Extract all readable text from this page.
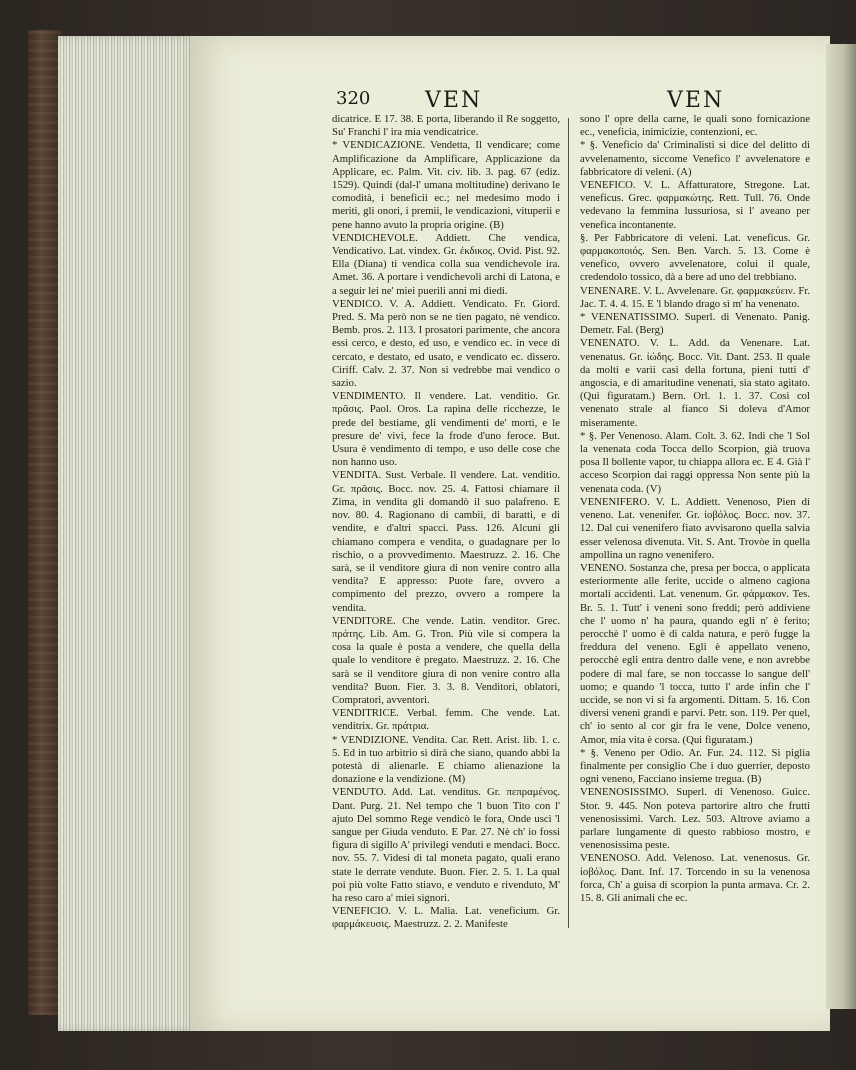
320 VEN	VEN

dicatrice. E 17. 38. E porta, liberando il Re soggetto, Su' Franchi l' ira mia vendicatrice.

* VENDICAZIONE. Vendetta, Il vendicare; come Amplificazione da Amplificare, Applicazione da Applicare, ec. Palm. Vit. civ. lib. 3. pag. 67 (ediz. 1529). Quindi (dal-l' umana moltitudine) derivano le comodità, i beneficii ec.; nel medesimo modo i meriti, gli onori, i premii, le vendicazioni, vituperii e pene hanno avuto la propria origine. (B)

VENDICHEVOLE. Addiett. Che vendica, Vendicativo. Lat. vindex. Gr. ἐκδικος. Ovid. Pist. 92. Ella (Diana) ti vendica colla sua vendichevole ira. Amet. 36. A portare i vendichevoli archi di Latona, e a seguir lei ne' miei puerili anni mi diedi.

VENDICO. V. A. Addiett. Vendicato. Fr. Giord. Pred. S. Ma però non se ne tien pagato, nè vendico. Bemb. pros. 2. 113. I prosatori parimente, che ancora essi cerco, e desto, ed uso, e vendico ec. in vece di cercato, e destato, ed usato, e vendicato ec. dissero. Ciriff. Calv. 2. 37. Non si vedrebbe mai vendico o sazio.

VENDIMENTO. Il vendere. Lat. venditio. Gr. πρᾶσις. Paol. Oros. La rapina delle ricchezze, le prede del bestiame, gli vendimenti de' morti, e le presure de' vivi, fece la frode d'uno feroce. But. Usura è vendimento di tempo, e uso delle cose che non hanno uso.

VENDITA. Sust. Verbale. Il vendere. Lat. venditio. Gr. πρᾶσις. Bocc. nov. 25. 4. Fattosi chiamare il Zima, in vendita gli domandò il suo palafreno. E nov. 80. 4. Ragionano di cambii, di baratti, e di vendite, e d'altri spacci. Pass. 126. Alcuni gli chiamano compera e vendita, o guadagnare per lo rischio, o a provvedimento. Maestruzz. 2. 16. Che sarà, se il venditore giura di non venire contro alla vendita? E appresso: Puote fare, ovvero a compimento del prezzo, ovvero a rompere la vendita.

VENDITORE. Che vende. Latin. venditor. Grec. πράτης. Lib. Am. G. Tron. Più vile si compera la cosa la quale è posta a vendere, che quella della quale lo venditore è pregato. Maestruzz. 2. 16. Che sarà se il venditore giura di non venire contro alla vendita? Buon. Fier. 3. 3. 8. Venditori, oblatori, Compratori, avventori.

VENDITRICE. Verbal. femm. Che vende. Lat. venditrix. Gr. πράτρια.

* VENDIZIONE. Vendita. Car. Rett. Arist. lib. 1. c. 5. Ed in tuo arbitrio si dirà che siano, quando abbi la potestà di alienarle. E chiamo alienazione la donazione e la vendizione. (M)

VENDUTO. Add. Lat. venditus. Gr. πεπραμένος. Dant. Purg. 21. Nel tempo che 'l buon Tito con l' ajuto Del sommo Rege vendicò le fora, Onde uscì 'l sangue per Giuda venduto. E Par. 27. Nè ch' io fossi figura di sigillo A' privilegi venduti e mendaci. Bocc. nov. 55. 7. Videsi di tal moneta pagato, quali erano state le derrate vendute. Buon. Fier. 2. 5. 1. La qual poi più volte Fatto stiavo, e venduto e rivenduto, M' ha reso caro a' miei signori.

VENEFICIO. V. L. Malia. Lat. veneficium. Gr. φαρμάκευσις. Maestruzz. 2. 2. Manifeste

sono l' opre della carne, le quali sono fornicazione ec., veneficia, inimicizie, contenzioni, ec.

* §. Veneficio da' Criminalisti si dice del delitto di avvelenamento, siccome Venefico l' avvelenatore e fabbricatore di veleni. (A)

VENEFICO. V. L. Affatturatore, Stregone. Lat. veneficus. Grec. φαρμακώτης. Rett. Tull. 76. Onde vedevano la femmina lussuriosa, si l' aveano per venefica incontanente.

§. Per Fabbricatore di veleni. Lat. veneficus. Gr. φαρμακοποιός. Sen. Ben. Varch. 5. 13. Come è venefico, ovvero avvelenatore, colui il quale, credendolo tossico, dà a bere ad uno del trebbiano.

VENENARE. V. L. Avvelenare. Gr. φαρμακεύειν. Fr. Jac. T. 4. 4. 15. E 'l blando drago sì m' ha venenato.

* VENENATISSIMO. Superl. di Venenato. Panig. Demetr. Fal. (Berg)

VENENATO. V. L. Add. da Venenare. Lat. venenatus. Gr. ἰώδης. Bocc. Vit. Dant. 253. Il quale da molti e varii casi della fortuna, pieni tutti d' angoscia, e di amaritudine venenati, sia stato agitato. (Qui figuratam.) Bern. Orl. 1. 1. 37. Così col venenato strale al fianco Si doleva d'Amor miseramente.

* §. Per Venenoso. Alam. Colt. 3. 62. Indi che 'l Sol la venenata coda Tocca dello Scorpion, già truova posa Il bollente vapor, tu chiappa allora ec. E 4. Già l' acceso Scorpion dai raggi oppressa Non sente più la venenata coda. (V)

VENENIFERO. V. L. Addiett. Venenoso, Pien di veneno. Lat. venenifer. Gr. ἰοβόλος. Bocc. nov. 37. 12. Dal cui venenifero fiato avvisarono quella salvia esser velenosa divenuta. Vit. S. Ant. Trovòe in quella ampollina un ragno venenifero.

VENENO. Sostanza che, presa per bocca, o applicata esteriormente alle ferite, uccide o almeno cagiona mortali accidenti. Lat. venenum. Gr. φάρμακον. Tes. Br. 5. 1. Tutt' i veneni sono freddi; però addiviene che l' uomo n' ha paura, quando egli n' è ferito; perocchè l' uomo è di calda natura, e però fugge la freddura del veneno. Egli è appellato veneno, perocchè egli entra dentro dalle vene, e non avrebbe podere di mal fare, se non toccasse lo sangue dell' uomo; e quando 'l tocca, tutto l' arde infin che l' uccide, se non vi si fa argomenti. Dittam. 5. 16. Con diversi veneni grandi e parvi. Petr. son. 119. Per quel, ch' io sento al cor gir fra le vene, Dolce veneno, Amor, mia vita è corsa. (Qui figuratam.)

* §. Veneno per Odio. Ar. Fur. 24. 112. Si piglia finalmente per consiglio Che i duo guerrier, deposto ogni veneno, Facciano insieme tregua. (B)

VENENOSISSIMO. Superl. di Venenoso. Guicc. Stor. 9. 445. Non poteva partorire altro che frutti venenosissimi. Varch. Lez. 503. Altrove aviamo a parlare lungamente di questo rabbioso mostro, e venenosissima peste.

VENENOSO. Add. Velenoso. Lat. venenosus. Gr. ἰοβόλος. Dant. Inf. 17. Torcendo in su la venenosa forca, Ch' a guisa di scorpion la punta armava. Cr. 2. 15. 8. Gli animali che ec.
